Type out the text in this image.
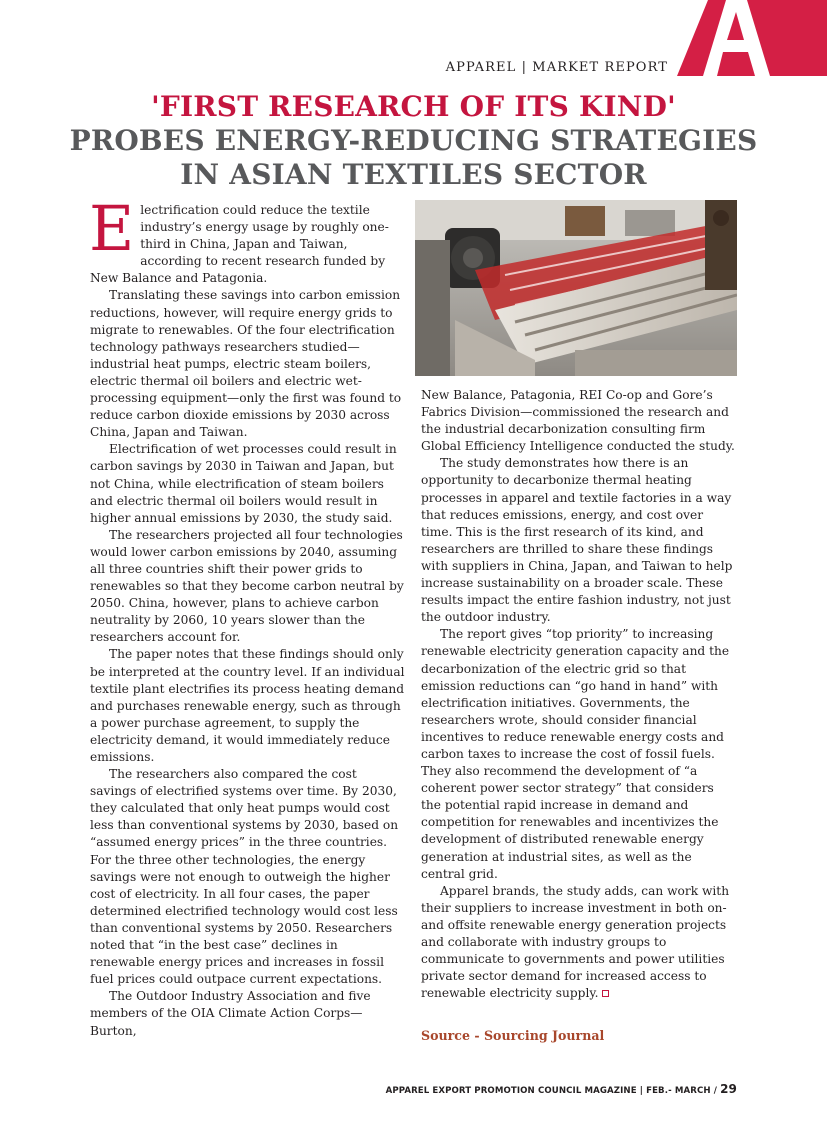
APPAREL | MARKET REPORT
'FIRST RESEARCH OF ITS KIND'
PROBES ENERGY-REDUCING STRATEGIES
IN ASIAN TEXTILES SECTOR

Electrification could reduce the textile industry’s energy usage by roughly one-third in China, Japan and Taiwan, according to recent research funded by New Balance and Patagonia.

Translating these savings into carbon emission reductions, however, will require energy grids to migrate to renewables. Of the four electrification technology pathways researchers studied—industrial heat pumps, electric steam boilers, electric thermal oil boilers and electric wet-processing equipment—only the first was found to reduce carbon dioxide emissions by 2030 across China, Japan and Taiwan.

Electrification of wet processes could result in carbon savings by 2030 in Taiwan and Japan, but not China, while electrification of steam boilers and electric thermal oil boilers would result in higher annual emissions by 2030, the study said.

The researchers projected all four technologies would lower carbon emissions by 2040, assuming all three countries shift their power grids to renewables so that they become carbon neutral by 2050. China, however, plans to achieve carbon neutrality by 2060, 10 years slower than the researchers account for.

The paper notes that these findings should only be interpreted at the country level. If an individual textile plant electrifies its process heating demand and purchases renewable energy, such as through a power purchase agreement, to supply the electricity demand, it would immediately reduce emissions.

The researchers also compared the cost savings of electrified systems over time. By 2030, they calculated that only heat pumps would cost less than conventional systems by 2030, based on “assumed energy prices” in the three countries. For the three other technologies, the energy savings were not enough to outweigh the higher cost of electricity. In all four cases, the paper determined electrified technology would cost less than conventional systems by 2050. Researchers noted that “in the best case” declines in renewable energy prices and increases in fossil fuel prices could outpace current expectations.

The Outdoor Industry Association and five members of the OIA Climate Action Corps—Burton,

New Balance, Patagonia, REI Co-op and Gore’s Fabrics Division—commissioned the research and the industrial decarbonization consulting firm Global Efficiency Intelligence conducted the study.

The study demonstrates how there is an opportunity to decarbonize thermal heating processes in apparel and textile factories in a way that reduces emissions, energy, and cost over time. This is the first research of its kind, and researchers are thrilled to share these findings with suppliers in China, Japan, and Taiwan to help increase sustainability on a broader scale. These results impact the entire fashion industry, not just the outdoor industry.

The report gives “top priority” to increasing renewable electricity generation capacity and the decarbonization of the electric grid so that emission reductions can “go hand in hand” with electrification initiatives. Governments, the researchers wrote, should consider financial incentives to reduce renewable energy costs and carbon taxes to increase the cost of fossil fuels. They also recommend the development of “a coherent power sector strategy” that considers the potential rapid increase in demand and competition for renewables and incentivizes the development of distributed renewable energy generation at industrial sites, as well as the central grid.

Apparel brands, the study adds, can work with their suppliers to increase investment in both on- and offsite renewable energy generation projects and collaborate with industry groups to communicate to governments and power utilities private sector demand for increased access to renewable electricity supply.

Source - Sourcing Journal
APPAREL EXPORT PROMOTION COUNCIL MAGAZINE | FEB.- MARCH / 29
